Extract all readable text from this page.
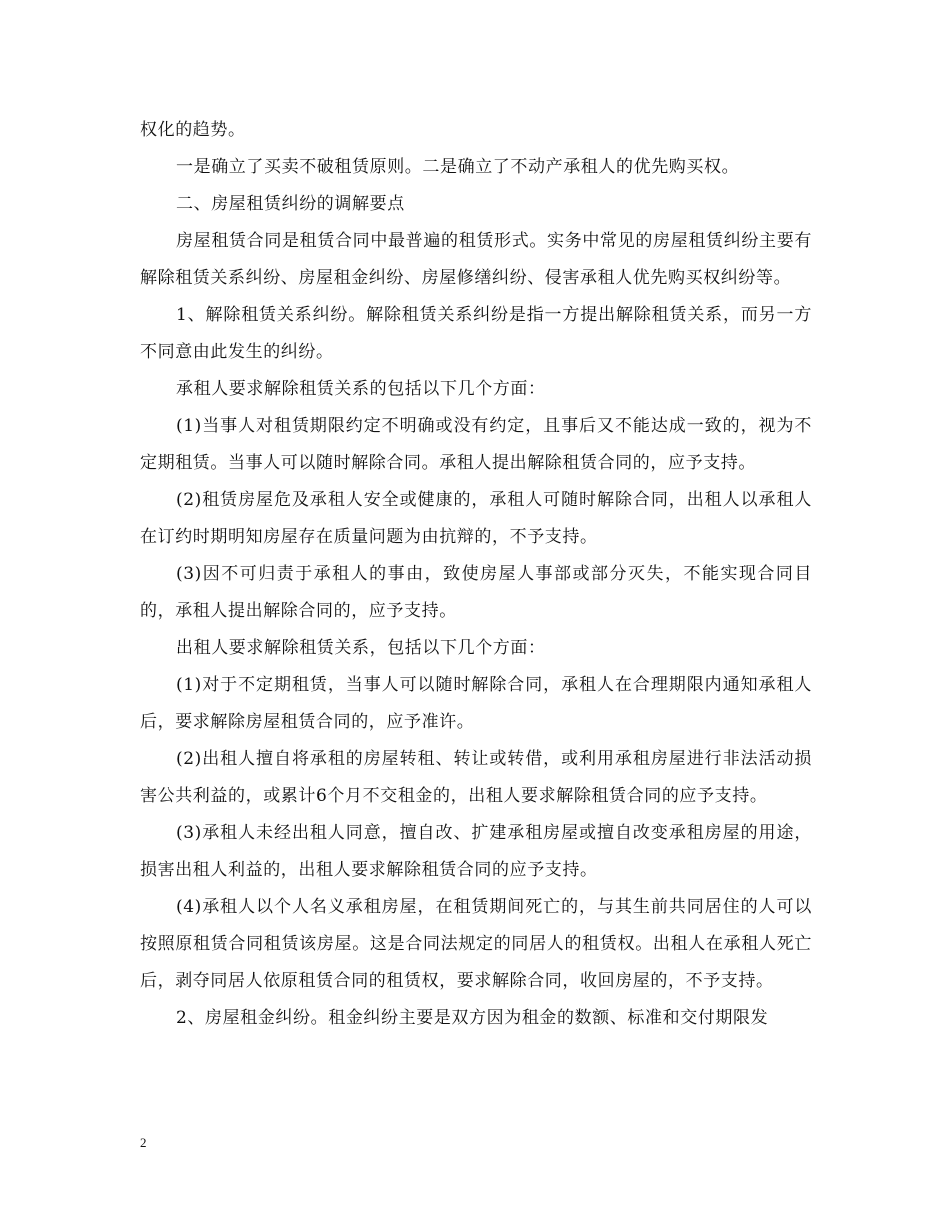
权化的趋势。

一是确立了买卖不破租赁原则。二是确立了不动产承租人的优先购买权。

二、房屋租赁纠纷的调解要点

房屋租赁合同是租赁合同中最普遍的租赁形式。实务中常见的房屋租赁纠纷主要有解除租赁关系纠纷、房屋租金纠纷、房屋修缮纠纷、侵害承租人优先购买权纠纷等。

1、解除租赁关系纠纷。解除租赁关系纠纷是指一方提出解除租赁关系，而另一方不同意由此发生的纠纷。

承租人要求解除租赁关系的包括以下几个方面：

(1)当事人对租赁期限约定不明确或没有约定，且事后又不能达成一致的，视为不定期租赁。当事人可以随时解除合同。承租人提出解除租赁合同的，应予支持。

(2)租赁房屋危及承租人安全或健康的，承租人可随时解除合同，出租人以承租人在订约时期明知房屋存在质量问题为由抗辩的，不予支持。

(3)因不可归责于承租人的事由，致使房屋人事部或部分灭失，不能实现合同目的，承租人提出解除合同的，应予支持。

出租人要求解除租赁关系，包括以下几个方面：

(1)对于不定期租赁，当事人可以随时解除合同，承租人在合理期限内通知承租人后，要求解除房屋租赁合同的，应予准许。

(2)出租人擅自将承租的房屋转租、转让或转借，或利用承租房屋进行非法活动损害公共利益的，或累计6个月不交租金的，出租人要求解除租赁合同的应予支持。

(3)承租人未经出租人同意，擅自改、扩建承租房屋或擅自改变承租房屋的用途，损害出租人利益的，出租人要求解除租赁合同的应予支持。

(4)承租人以个人名义承租房屋，在租赁期间死亡的，与其生前共同居住的人可以按照原租赁合同租赁该房屋。这是合同法规定的同居人的租赁权。出租人在承租人死亡后，剥夺同居人依原租赁合同的租赁权，要求解除合同，收回房屋的，不予支持。

2、房屋租金纠纷。租金纠纷主要是双方因为租金的数额、标准和交付期限发

2
